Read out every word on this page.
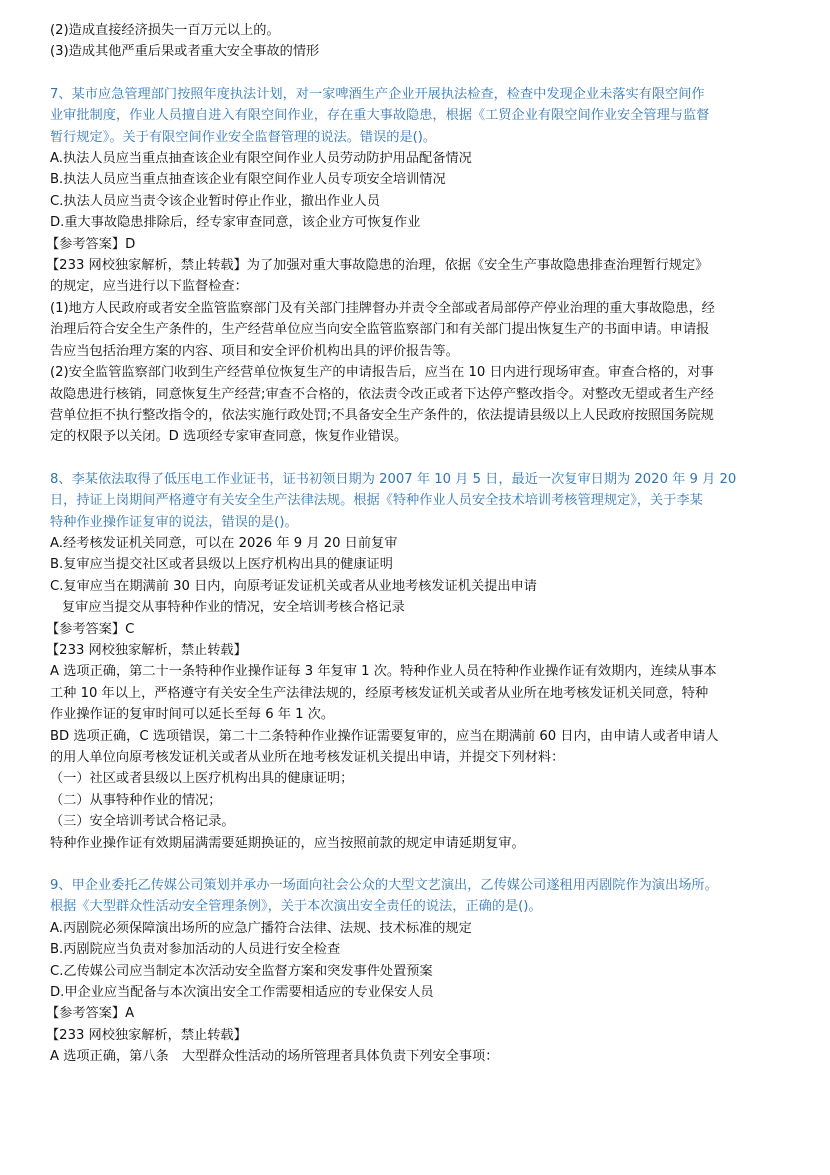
(2)造成直接经济损失一百万元以上的。
(3)造成其他严重后果或者重大安全事故的情形
7、某市应急管理部门按照年度执法计划，对一家啤酒生产企业开展执法检查，检查中发现企业未落实有限空间作
业审批制度，作业人员擅自进入有限空间作业，存在重大事故隐患，根据《工贸企业有限空间作业安全管理与监督
暂行规定》。关于有限空间作业安全监督管理的说法。错误的是()。
A.执法人员应当重点抽查该企业有限空间作业人员劳动防护用品配备情况
B.执法人员应当重点抽查该企业有限空间作业人员专项安全培训情况
C.执法人员应当责令该企业暂时停止作业，撤出作业人员
D.重大事故隐患排除后，经专家审查同意，该企业方可恢复作业
【参考答案】D
【233 网校独家解析，禁止转载】为了加强对重大事故隐患的治理，依据《安全生产事故隐患排查治理暂行规定》
的规定，应当进行以下监督检查：
(1)地方人民政府或者安全监管监察部门及有关部门挂牌督办并责令全部或者局部停产停业治理的重大事故隐患，经
治理后符合安全生产条件的，生产经营单位应当向安全监管监察部门和有关部门提出恢复生产的书面申请。申请报
告应当包括治理方案的内容、项目和安全评价机构出具的评价报告等。
(2)安全监管监察部门收到生产经营单位恢复生产的申请报告后，应当在 10 日内进行现场审查。审查合格的，对事
故隐患进行核销，同意恢复生产经营;审查不合格的，依法责令改正或者下达停产整改指令。对整改无望或者生产经
营单位拒不执行整改指令的，依法实施行政处罚;不具备安全生产条件的，依法提请县级以上人民政府按照国务院规
定的权限予以关闭。D 选项经专家审查同意，恢复作业错误。
8、李某依法取得了低压电工作业证书，证书初领日期为 2007 年 10 月 5 日，最近一次复审日期为 2020 年 9 月 20
日，持证上岗期间严格遵守有关安全生产法律法规。根据《特种作业人员安全技术培训考核管理规定》，关于李某
特种作业操作证复审的说法，错误的是()。
A.经考核发证机关同意，可以在 2026 年 9 月 20 日前复审
B.复审应当提交社区或者县级以上医疗机构出具的健康证明
C.复审应当在期满前 30 日内，向原考证发证机关或者从业地考核发证机关提出申请
复审应当提交从事特种作业的情况，安全培训考核合格记录
【参考答案】C
【233 网校独家解析，禁止转载】
A 选项正确，第二十一条特种作业操作证每 3 年复审 1 次。特种作业人员在特种作业操作证有效期内，连续从事本
工种 10 年以上，严格遵守有关安全生产法律法规的，经原考核发证机关或者从业所在地考核发证机关同意，特种
作业操作证的复审时间可以延长至每 6 年 1 次。
BD 选项正确，C 选项错误，第二十二条特种作业操作证需要复审的，应当在期满前 60 日内，由申请人或者申请人
的用人单位向原考核发证机关或者从业所在地考核发证机关提出申请，并提交下列材料：
（一）社区或者县级以上医疗机构出具的健康证明；
（二）从事特种作业的情况；
（三）安全培训考试合格记录。
特种作业操作证有效期届满需要延期换证的，应当按照前款的规定申请延期复审。
9、甲企业委托乙传媒公司策划并承办一场面向社会公众的大型文艺演出，乙传媒公司遂租用丙剧院作为演出场所。
根据《大型群众性活动安全管理条例》，关于本次演出安全责任的说法，正确的是()。
A.丙剧院必须保障演出场所的应急广播符合法律、法规、技术标准的规定
B.丙剧院应当负责对参加活动的人员进行安全检查
C.乙传媒公司应当制定本次活动安全监督方案和突发事件处置预案
D.甲企业应当配备与本次演出安全工作需要相适应的专业保安人员
【参考答案】A
【233 网校独家解析，禁止转载】
A 选项正确，第八条　大型群众性活动的场所管理者具体负责下列安全事项：
